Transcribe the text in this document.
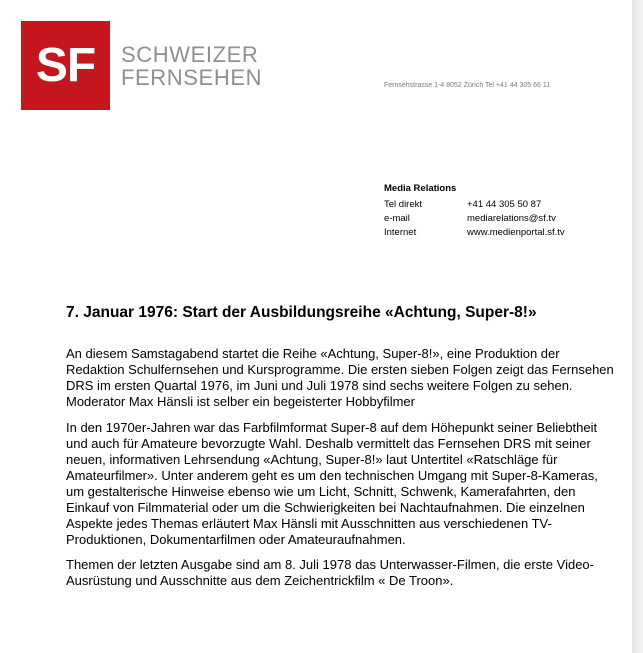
SF SCHWEIZER
FERNSEHEN	Fernsehstrasse 1-4 8052 Zürich Tel +41 44 305 66 11
Media Relations
Tel direkt	+41 44 305 50 87
e-mail	mediarelations@sf.tv
Internet	www.medienportal.sf.tv
7. Januar 1976: Start der Ausbildungsreihe «Achtung, Super-8!»

An diesem Samstagabend startet die Reihe «Achtung, Super-8!», eine Produktion der Redaktion Schulfernsehen und Kursprogramme. Die ersten sieben Folgen zeigt das Fernsehen DRS im ersten Quartal 1976, im Juni und Juli 1978 sind sechs weitere Folgen zu sehen. Moderator Max Hänsli ist selber ein begeisterter Hobbyfilmer

In den 1970er-Jahren war das Farbfilmformat Super-8 auf dem Höhepunkt seiner Beliebtheit und auch für Amateure bevorzugte Wahl. Deshalb vermittelt das Fernsehen DRS mit seiner neuen, informativen Lehrsendung «Achtung, Super-8!» laut Untertitel «Ratschläge für Amateurfilmer». Unter anderem geht es um den technischen Umgang mit Super-8-Kameras, um gestalterische Hinweise ebenso wie um Licht, Schnitt, Schwenk, Kamerafahrten, den Einkauf von Filmmaterial oder um die Schwierigkeiten bei Nachtaufnahmen. Die einzelnen Aspekte jedes Themas erläutert Max Hänsli mit Ausschnitten aus verschiedenen TV-Produktionen, Dokumentarfilmen oder Amateuraufnahmen.

Themen der letzten Ausgabe sind am 8. Juli 1978 das Unterwasser-Filmen, die erste Video-Ausrüstung und Ausschnitte aus dem Zeichentrickfilm « De Troon».
